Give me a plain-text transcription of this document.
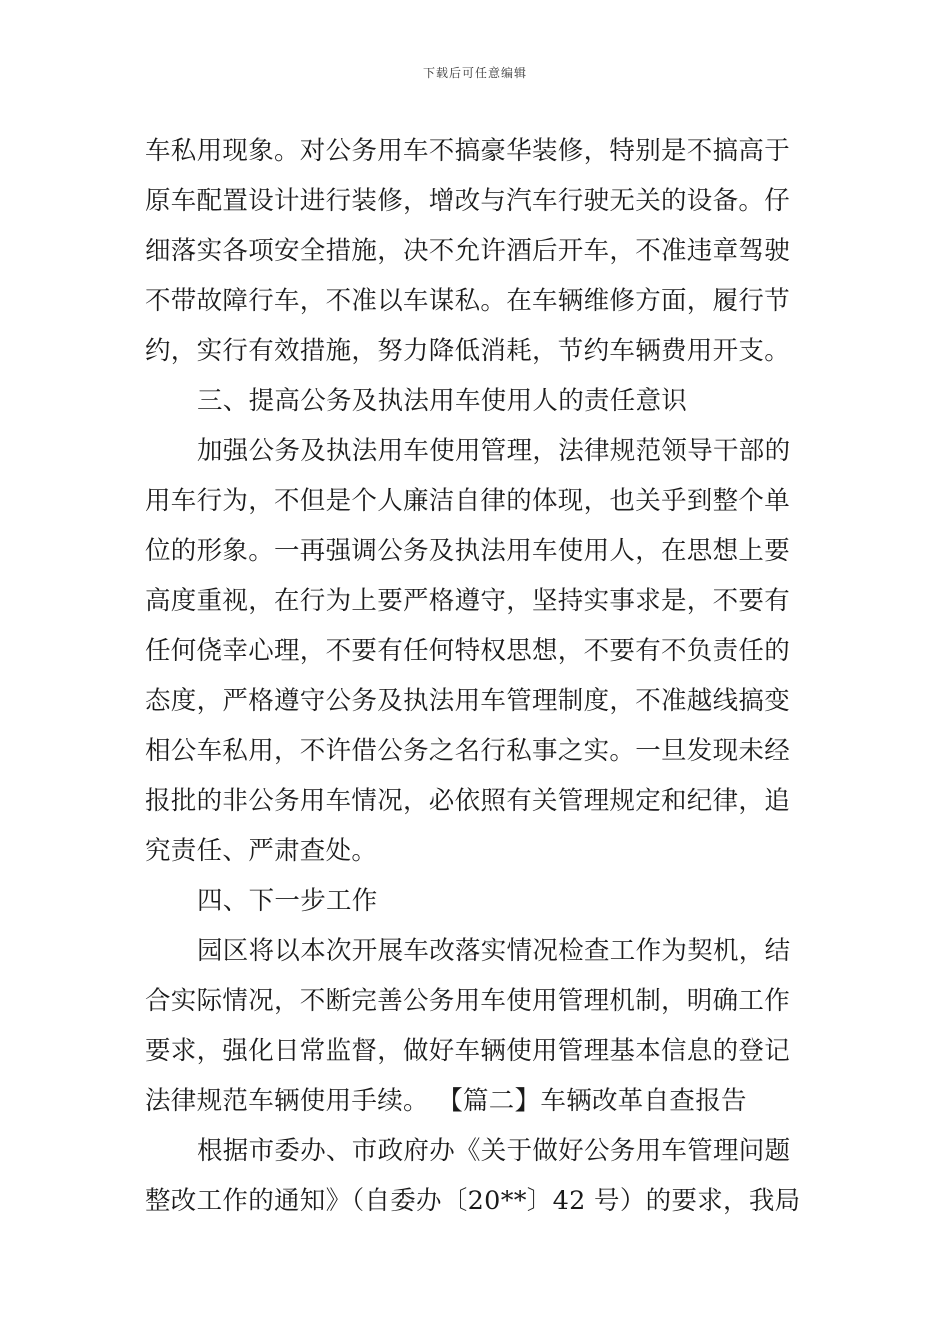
下载后可任意编辑
车私用现象。对公务用车不搞豪华装修，特别是不搞高于
原车配置设计进行装修，增改与汽车行驶无关的设备。仔
细落实各项安全措施，决不允许酒后开车，不准违章驾驶
不带故障行车，不准以车谋私。在车辆维修方面，履行节
约，实行有效措施，努力降低消耗，节约车辆费用开支。
三、提高公务及执法用车使用人的责任意识
加强公务及执法用车使用管理，法律规范领导干部的
用车行为，不但是个人廉洁自律的体现，也关乎到整个单
位的形象。一再强调公务及执法用车使用人，在思想上要
高度重视，在行为上要严格遵守，坚持实事求是，不要有
任何侥幸心理，不要有任何特权思想，不要有不负责任的
态度，严格遵守公务及执法用车管理制度，不准越线搞变
相公车私用，不许借公务之名行私事之实。一旦发现未经
报批的非公务用车情况，必依照有关管理规定和纪律，追
究责任、严肃查处。
四、下一步工作
园区将以本次开展车改落实情况检查工作为契机，结
合实际情况，不断完善公务用车使用管理机制，明确工作
要求，强化日常监督，做好车辆使用管理基本信息的登记
法律规范车辆使用手续。 【篇二】车辆改革自查报告
根据市委办、市政府办《关于做好公务用车管理问题
整改工作的通知》（自委办〔20**〕42 号）的要求，我局
